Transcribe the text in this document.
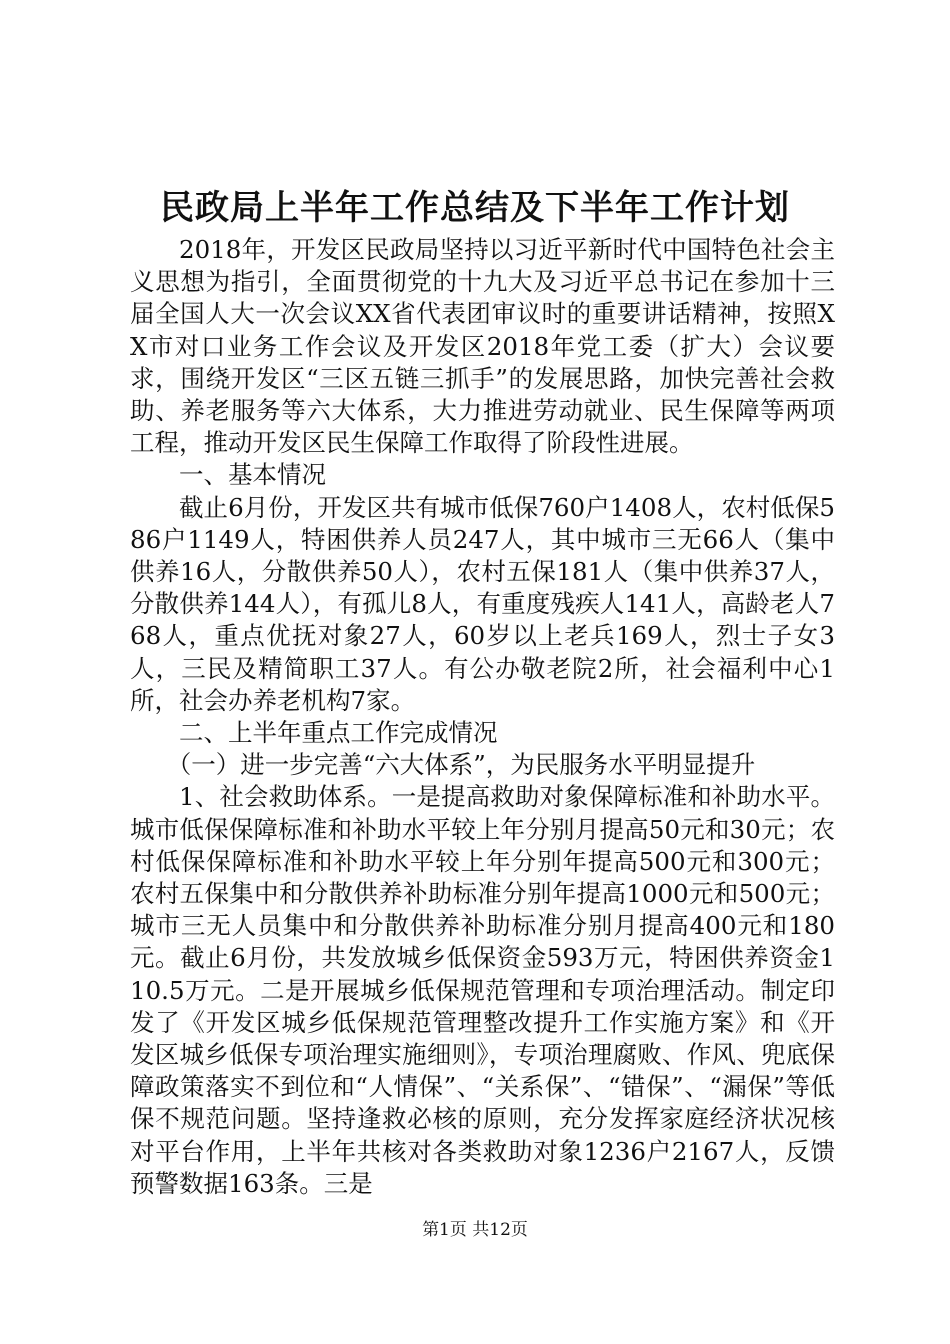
民政局上半年工作总结及下半年工作计划

2018年，开发区民政局坚持以习近平新时代中国特色社会主义思想为指引，全面贯彻党的十九大及习近平总书记在参加十三届全国人大一次会议XX省代表团审议时的重要讲话精神，按照XX市对口业务工作会议及开发区2018年党工委（扩大）会议要求，围绕开发区“三区五链三抓手”的发展思路，加快完善社会救助、养老服务等六大体系，大力推进劳动就业、民生保障等两项工程，推动开发区民生保障工作取得了阶段性进展。

一、基本情况

截止6月份，开发区共有城市低保760户1408人，农村低保586户1149人，特困供养人员247人，其中城市三无66人（集中供养16人，分散供养50人），农村五保181人（集中供养37人，分散供养144人），有孤儿8人，有重度残疾人141人，高龄老人768人，重点优抚对象27人，60岁以上老兵169人，烈士子女3人，三民及精简职工37人。有公办敬老院2所，社会福利中心1所，社会办养老机构7家。

二、上半年重点工作完成情况

（一）进一步完善“六大体系”，为民服务水平明显提升

1、社会救助体系。一是提高救助对象保障标准和补助水平。城市低保保障标准和补助水平较上年分别月提高50元和30元；农村低保保障标准和补助水平较上年分别年提高500元和300元；农村五保集中和分散供养补助标准分别年提高1000元和500元；城市三无人员集中和分散供养补助标准分别月提高400元和180元。截止6月份，共发放城乡低保资金593万元，特困供养资金110.5万元。二是开展城乡低保规范管理和专项治理活动。制定印发了《开发区城乡低保规范管理整改提升工作实施方案》和《开发区城乡低保专项治理实施细则》，专项治理腐败、作风、兜底保障政策落实不到位和“人情保”、“关系保”、“错保”、“漏保”等低保不规范问题。坚持逢救必核的原则，充分发挥家庭经济状况核对平台作用，上半年共核对各类救助对象1236户2167人，反馈预警数据163条。三是

第1页 共12页
